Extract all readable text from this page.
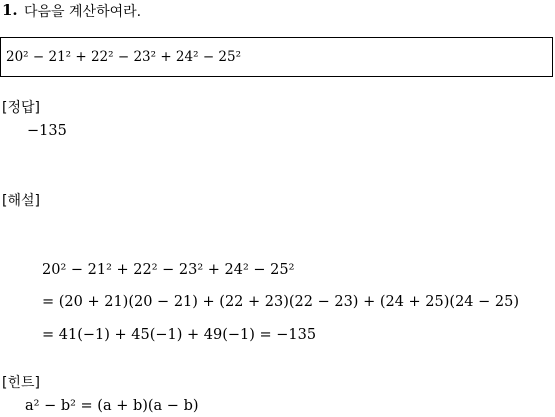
1. 다음을 계산하여라.
20² − 21² + 22² − 23² + 24² − 25²
[정답]
−135
[해설]
20² − 21² + 22² − 23² + 24² − 25²
= (20 + 21)(20 − 21) + (22 + 23)(22 − 23) + (24 + 25)(24 − 25)
= 41(−1) + 45(−1) + 49(−1) = −135
[힌트]
a² − b² = (a + b)(a − b)
